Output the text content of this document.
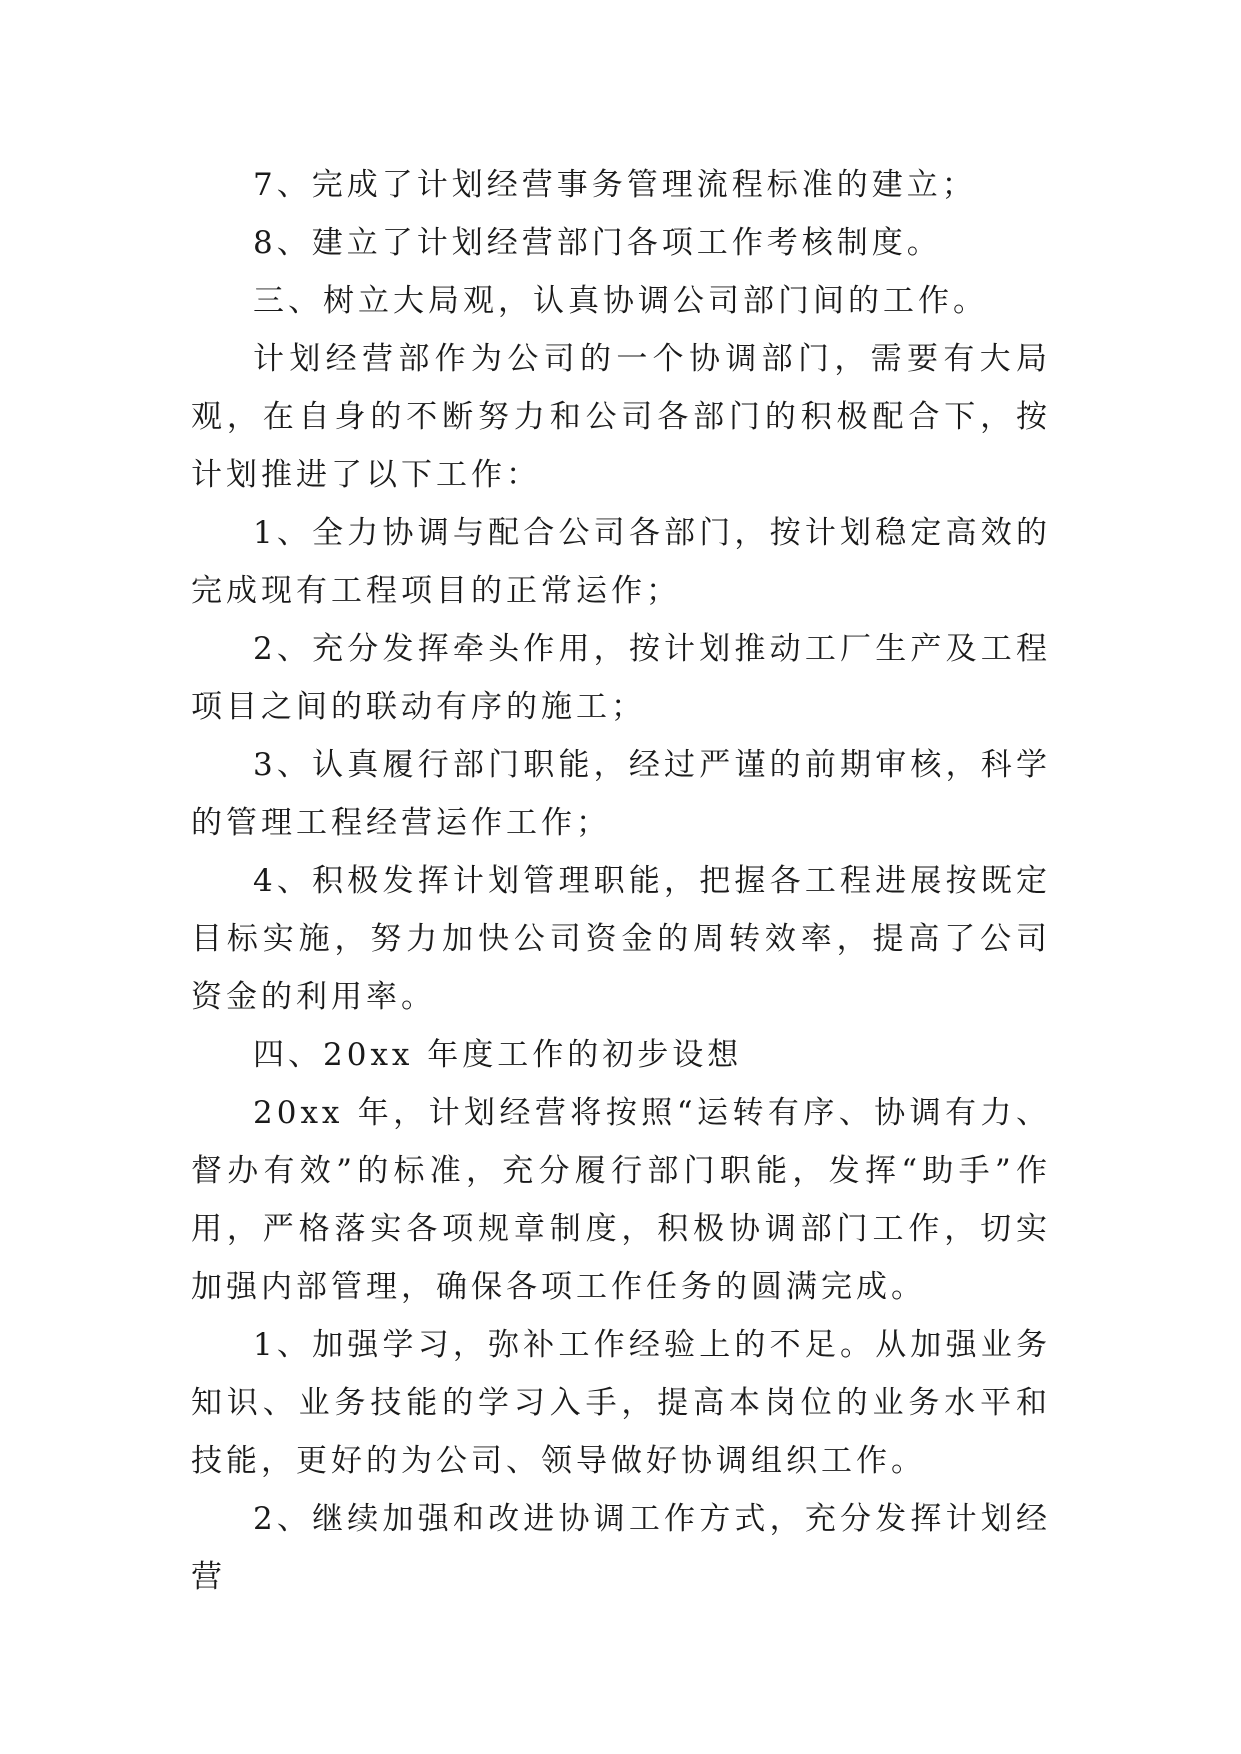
7、完成了计划经营事务管理流程标准的建立；

8、建立了计划经营部门各项工作考核制度。

三、树立大局观，认真协调公司部门间的工作。

计划经营部作为公司的一个协调部门，需要有大局观，在自身的不断努力和公司各部门的积极配合下，按计划推进了以下工作：

1、全力协调与配合公司各部门，按计划稳定高效的完成现有工程项目的正常运作；

2、充分发挥牵头作用，按计划推动工厂生产及工程项目之间的联动有序的施工；

3、认真履行部门职能，经过严谨的前期审核，科学的管理工程经营运作工作；

4、积极发挥计划管理职能，把握各工程进展按既定目标实施，努力加快公司资金的周转效率，提高了公司资金的利用率。

四、20xx 年度工作的初步设想

20xx 年，计划经营将按照“运转有序、协调有力、督办有效”的标准，充分履行部门职能，发挥“助手”作用，严格落实各项规章制度，积极协调部门工作，切实加强内部管理，确保各项工作任务的圆满完成。

1、加强学习，弥补工作经验上的不足。从加强业务知识、业务技能的学习入手，提高本岗位的业务水平和技能，更好的为公司、领导做好协调组织工作。

2、继续加强和改进协调工作方式，充分发挥计划经营
